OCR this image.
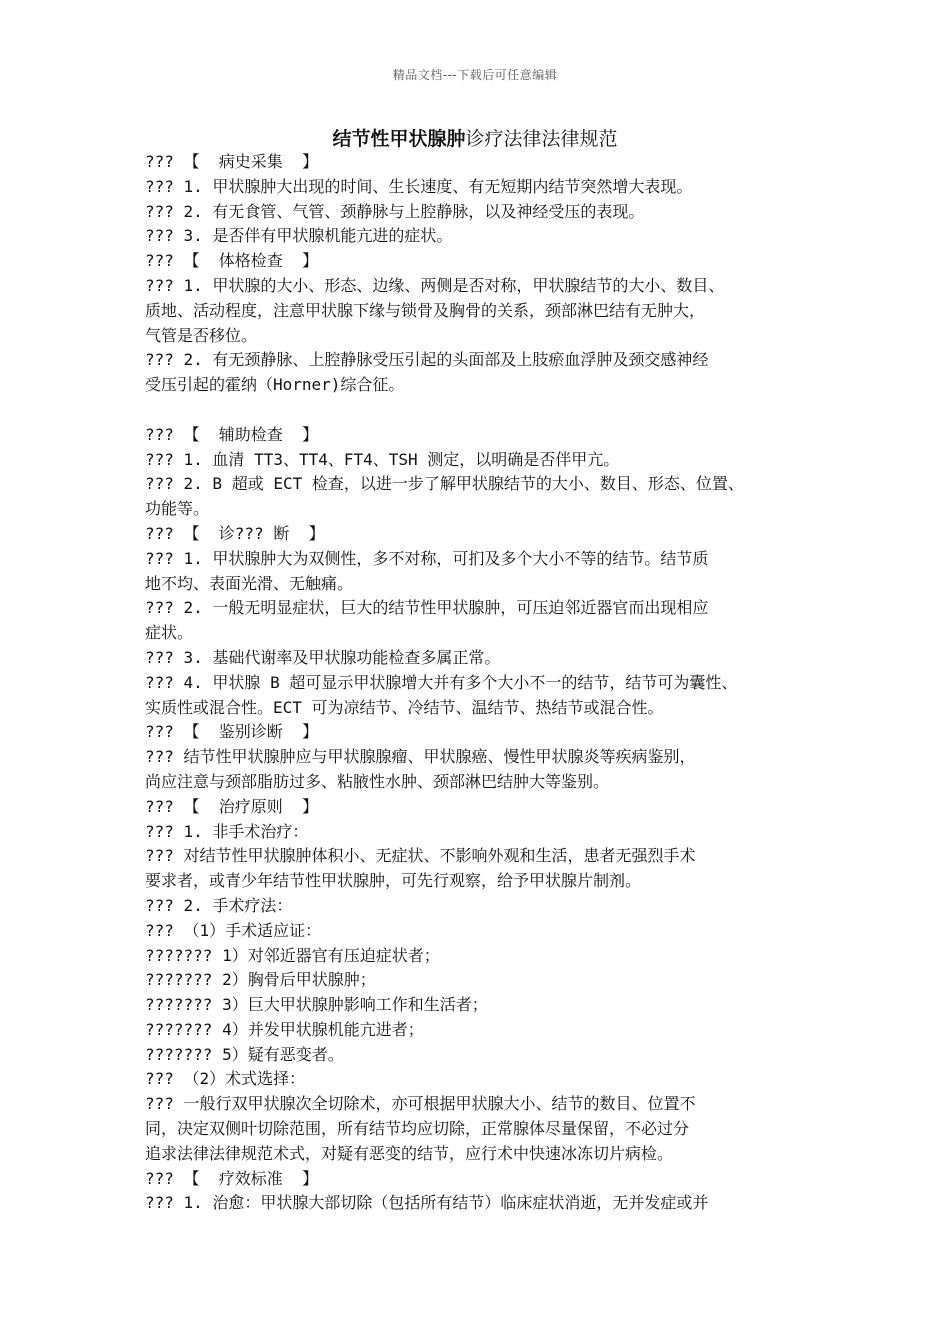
精品文档---下载后可任意编辑
结节性甲状腺肿诊疗法律法律规范
??? 【  病史采集  】
??? 1. 甲状腺肿大出现的时间、生长速度、有无短期内结节突然增大表现。
??? 2. 有无食管、气管、颈静脉与上腔静脉，以及神经受压的表现。
??? 3. 是否伴有甲状腺机能亢进的症状。
??? 【  体格检查  】
??? 1. 甲状腺的大小、形态、边缘、两侧是否对称，甲状腺结节的大小、数目、
质地、活动程度，注意甲状腺下缘与锁骨及胸骨的关系，颈部淋巴结有无肿大，
气管是否移位。
??? 2. 有无颈静脉、上腔静脉受压引起的头面部及上肢瘀血浮肿及颈交感神经
受压引起的霍纳（Horner)综合征。
??? 【  辅助检查  】
??? 1. 血清 TT3、TT4、FT4、TSH 测定，以明确是否伴甲亢。
??? 2. B 超或 ECT 检查，以进一步了解甲状腺结节的大小、数目、形态、位置、
功能等。
??? 【  诊??? 断  】
??? 1. 甲状腺肿大为双侧性，多不对称，可扪及多个大小不等的结节。结节质
地不均、表面光滑、无触痛。
??? 2. 一般无明显症状，巨大的结节性甲状腺肿，可压迫邻近器官而出现相应
症状。
??? 3. 基础代谢率及甲状腺功能检查多属正常。
??? 4. 甲状腺 B 超可显示甲状腺增大并有多个大小不一的结节，结节可为囊性、
实质性或混合性。ECT 可为凉结节、冷结节、温结节、热结节或混合性。
??? 【  鉴别诊断  】
??? 结节性甲状腺肿应与甲状腺腺瘤、甲状腺癌、慢性甲状腺炎等疾病鉴别，
尚应注意与颈部脂肪过多、粘腋性水肿、颈部淋巴结肿大等鉴别。
??? 【  治疗原则  】
??? 1. 非手术治疗：
??? 对结节性甲状腺肿体积小、无症状、不影响外观和生活，患者无强烈手术
要求者，或青少年结节性甲状腺肿，可先行观察，给予甲状腺片制剂。
??? 2. 手术疗法：
??? （1）手术适应证：
??????? 1）对邻近器官有压迫症状者；
??????? 2）胸骨后甲状腺肿；
??????? 3）巨大甲状腺肿影响工作和生活者；
??????? 4）并发甲状腺机能亢进者；
??????? 5）疑有恶变者。
??? （2）术式选择：
??? 一般行双甲状腺次全切除术，亦可根据甲状腺大小、结节的数目、位置不
同，决定双侧叶切除范围，所有结节均应切除，正常腺体尽量保留，不必过分
追求法律法律规范术式，对疑有恶变的结节，应行术中快速冰冻切片病检。
??? 【  疗效标准  】
??? 1. 治愈：甲状腺大部切除（包括所有结节）临床症状消逝，无并发症或并
